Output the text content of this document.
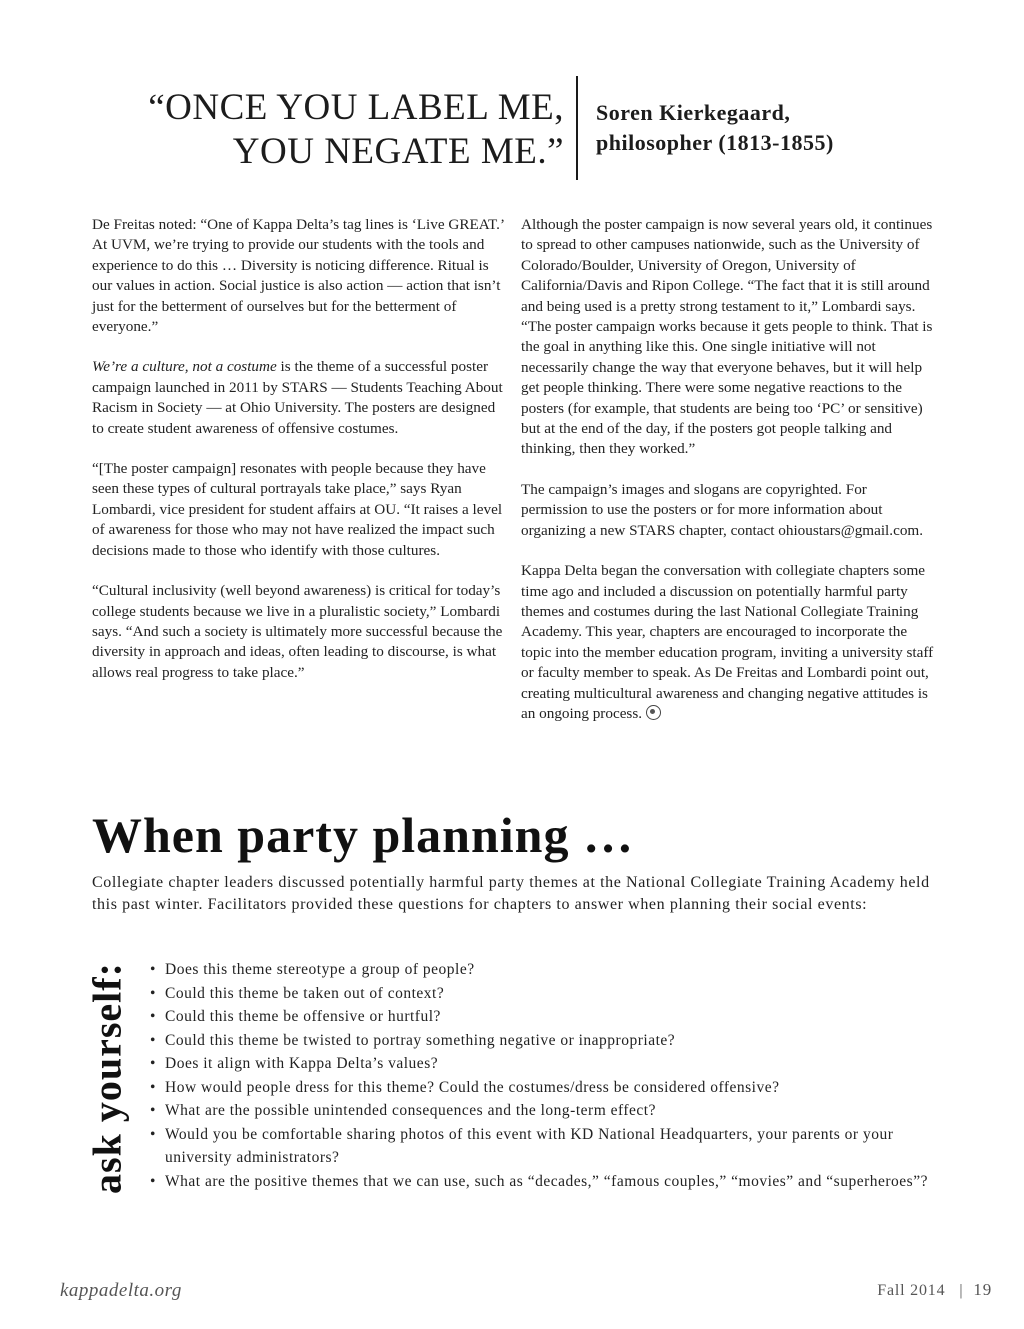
“ONCE YOU LABEL ME,
YOU NEGATE ME.”
Soren Kierkegaard,
philosopher (1813-1855)

De Freitas noted: “One of Kappa Delta’s tag lines is ‘Live GREAT.’ At UVM, we’re trying to provide our students with the tools and experience to do this … Diversity is noticing difference. Ritual is our values in action. Social justice is also action — action that isn’t just for the betterment of ourselves but for the betterment of everyone.”

We’re a culture, not a costume is the theme of a successful poster campaign launched in 2011 by STARS — Students Teaching About Racism in Society — at Ohio University. The posters are designed to create student awareness of offensive costumes.

“[The poster campaign] resonates with people because they have seen these types of cultural portrayals take place,” says Ryan Lombardi, vice president for student affairs at OU. “It raises a level of awareness for those who may not have realized the impact such decisions made to those who identify with those cultures.

“Cultural inclusivity (well beyond awareness) is critical for today’s college students because we live in a pluralistic society,” Lombardi says. “And such a society is ultimately more successful because the diversity in approach and ideas, often leading to discourse, is what allows real progress to take place.”

Although the poster campaign is now several years old, it continues to spread to other campuses nationwide, such as the University of Colorado/Boulder, University of Oregon, University of California/Davis and Ripon College. “The fact that it is still around and being used is a pretty strong testament to it,” Lombardi says. “The poster campaign works because it gets people to think. That is the goal in anything like this. One single initiative will not necessarily change the way that everyone behaves, but it will help get people thinking. There were some negative reactions to the posters (for example, that students are being too ‘PC’ or sensitive) but at the end of the day, if the posters got people talking and thinking, then they worked.”

The campaign’s images and slogans are copyrighted. For permission to use the posters or for more information about organizing a new STARS chapter, contact ohioustars@gmail.com.

Kappa Delta began the conversation with collegiate chapters some time ago and included a discussion on potentially harmful party themes and costumes during the last National Collegiate Training Academy. This year, chapters are encouraged to incorporate the topic into the member education program, inviting a university staff or faculty member to speak. As De Freitas and Lombardi point out, creating multicultural awareness and changing negative attitudes is an ongoing process.

When party planning …
Collegiate chapter leaders discussed potentially harmful party themes at the National Collegiate Training Academy held this past winter. Facilitators provided these questions for chapters to answer when planning their social events:
ask yourself: • Does this theme stereotype a group of people?
• Could this theme be taken out of context?
• Could this theme be offensive or hurtful?
• Could this theme be twisted to portray something negative or inappropriate?
• Does it align with Kappa Delta’s values?
• How would people dress for this theme? Could the costumes/dress be considered offensive?
• What are the possible unintended consequences and the long-term effect?
• Would you be comfortable sharing photos of this event with KD National Headquarters, your parents or your university administrators?
• What are the positive themes that we can use, such as “decades,” “famous couples,” “movies” and “superheroes”?
kappadelta.org	Fall 2014 | 19
